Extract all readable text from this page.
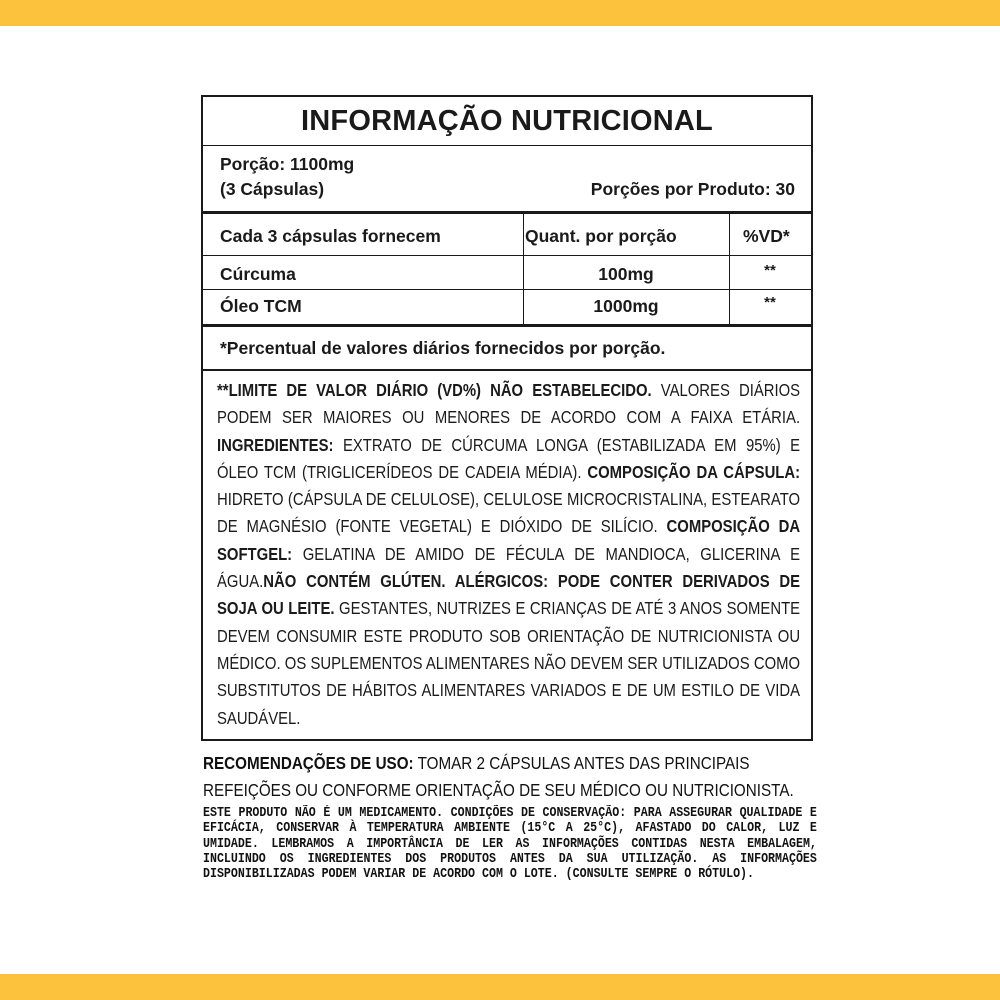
INFORMAÇÃO NUTRICIONAL
Porção: 1100mg
(3 Cápsulas)	Porções por Produto: 30
Cada 3 cápsulas fornecem	Quant. por porção	%VD*
Cúrcuma	100mg	**
Óleo TCM	1000mg	**
*Percentual de valores diários fornecidos por porção.
**LIMITE DE VALOR DIÁRIO (VD%) NÃO ESTABELECIDO. VALORES DIÁRIOS PODEM SER MAIORES OU MENORES DE ACORDO COM A FAIXA ETÁRIA. INGREDIENTES: EXTRATO DE CÚRCUMA LONGA (ESTABILIZADA EM 95%) E ÓLEO TCM (TRIGLICERÍDEOS DE CADEIA MÉDIA). COMPOSIÇÃO DA CÁPSULA: HIDRETO (CÁPSULA DE CELULOSE), CELULOSE MICROCRISTALINA, ESTEARATO DE MAGNÉSIO (FONTE VEGETAL) E DIÓXIDO DE SILÍCIO. COMPOSIÇÃO DA SOFTGEL: GELATINA DE AMIDO DE FÉCULA DE MANDIOCA, GLICERINA E ÁGUA.NÃO CONTÉM GLÚTEN. ALÉRGICOS: PODE CONTER DERIVADOS DE SOJA OU LEITE. GESTANTES, NUTRIZES E CRIANÇAS DE ATÉ 3 ANOS SOMENTE DEVEM CONSUMIR ESTE PRODUTO SOB ORIENTAÇÃO DE NUTRICIONISTA OU MÉDICO. OS SUPLEMENTOS ALIMENTARES NÃO DEVEM SER UTILIZADOS COMO SUBSTITUTOS DE HÁBITOS ALIMENTARES VARIADOS E DE UM ESTILO DE VIDA SAUDÁVEL.
RECOMENDAÇÕES DE USO: TOMAR 2 CÁPSULAS ANTES DAS PRINCIPAIS REFEIÇÕES OU CONFORME ORIENTAÇÃO DE SEU MÉDICO OU NUTRICIONISTA.
ESTE PRODUTO NÃO É UM MEDICAMENTO. CONDIÇÕES DE CONSERVAÇÃO: PARA ASSEGURAR QUALIDADE E EFICÁCIA, CONSERVAR À TEMPERATURA AMBIENTE (15°C A 25°C), AFASTADO DO CALOR, LUZ E UMIDADE. LEMBRAMOS A IMPORTÂNCIA DE LER AS INFORMAÇÕES CONTIDAS NESTA EMBALAGEM, INCLUINDO OS INGREDIENTES DOS PRODUTOS ANTES DA SUA UTILIZAÇÃO. AS INFORMAÇÕES DISPONIBILIZADAS PODEM VARIAR DE ACORDO COM O LOTE. (CONSULTE SEMPRE O RÓTULO).
